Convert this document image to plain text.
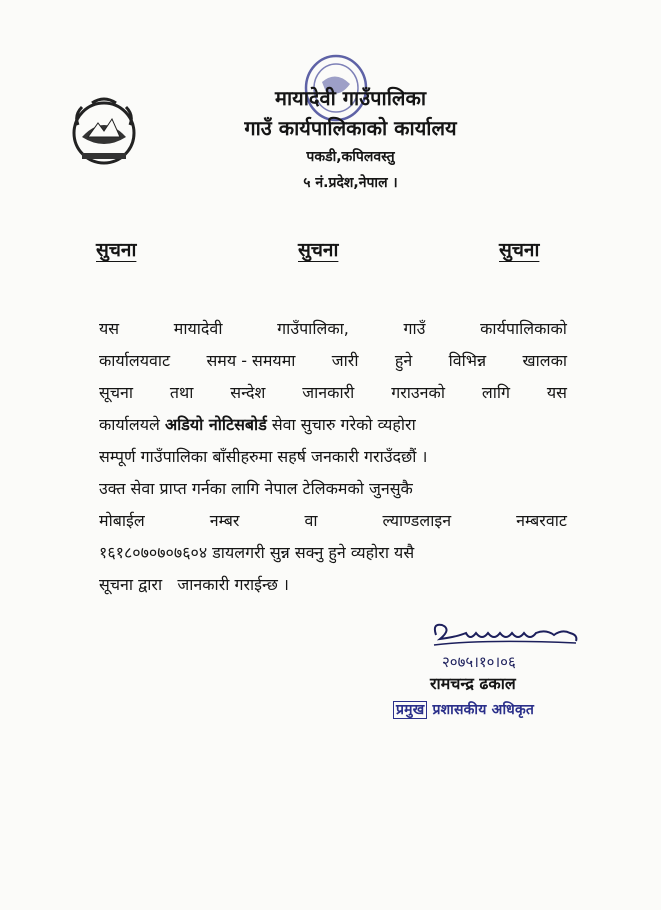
मायादेवी गाउँपालिका
गाउँ कार्यपालिकाको कार्यालय
पकडी,कपिलवस्तु
५ नं.प्रदेश,नेपाल ।
सुचना	सुचना	सुचना
यस	मायादेवी	गाउँपालिका,	गाउँ	कार्यपालिकाको
कार्यालयवाट समय - समयमा जारी हुने विभिन्न खालका
सूचना तथा सन्देश जानकारी गराउनको लागि यस
कार्यालयले अडियो नोटिसबोर्ड सेवा सुचारु गरेको व्यहोरा
सम्पूर्ण गाउँपालिका बाँसीहरुमा सहर्ष जनकारी गराउँदछौं ।
उक्त सेवा प्राप्त गर्नका लागि नेपाल टेलिकमको जुनसुकै
मोबाईल	नम्बर	वा	ल्याण्डलाइन	नम्बरवाट
१६१८०७०७०७६०४ डायलगरी सुन्न सक्नु हुने व्यहोरा यसै
सूचना द्वारा   जानकारी गराईन्छ ।
२०७५।१०।०६
रामचन्द्र ढकाल
प्रमुख प्रशासकीय अधिकृत
